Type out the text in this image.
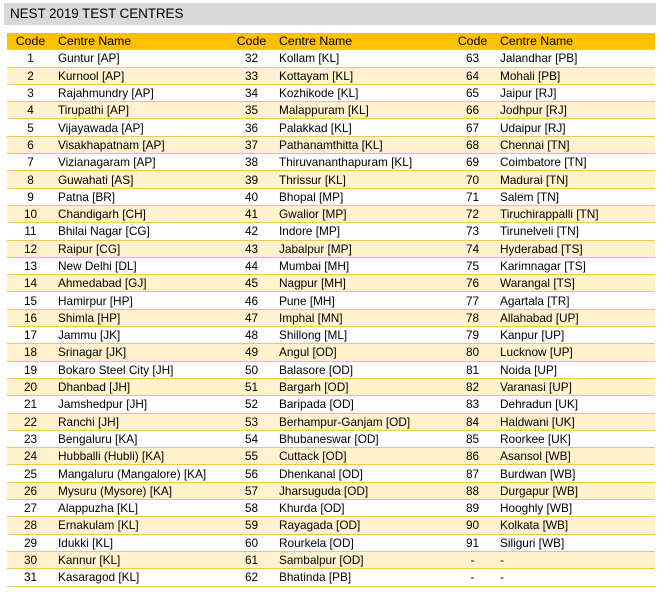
NEST 2019 TEST CENTRES
Code	Centre Name	Code	Centre Name	Code	Centre Name
1	Guntur [AP]	32	Kollam [KL]	63	Jalandhar [PB]
2	Kurnool [AP]	33	Kottayam [KL]	64	Mohali [PB]
3	Rajahmundry [AP]	34	Kozhikode [KL]	65	Jaipur [RJ]
4	Tirupathi [AP]	35	Malappuram [KL]	66	Jodhpur [RJ]
5	Vijayawada [AP]	36	Palakkad [KL]	67	Udaipur [RJ]
6	Visakhapatnam [AP]	37	Pathanamthitta [KL]	68	Chennai [TN]
7	Vizianagaram [AP]	38	Thiruvananthapuram [KL]	69	Coimbatore [TN]
8	Guwahati [AS]	39	Thrissur [KL]	70	Madurai [TN]
9	Patna [BR]	40	Bhopal [MP]	71	Salem [TN]
10	Chandigarh [CH]	41	Gwalior [MP]	72	Tiruchirappalli [TN]
11	Bhilai Nagar [CG]	42	Indore [MP]	73	Tirunelveli [TN]
12	Raipur [CG]	43	Jabalpur [MP]	74	Hyderabad [TS]
13	New Delhi [DL]	44	Mumbai [MH]	75	Karimnagar [TS]
14	Ahmedabad [GJ]	45	Nagpur [MH]	76	Warangal [TS]
15	Hamirpur [HP]	46	Pune [MH]	77	Agartala [TR]
16	Shimla [HP]	47	Imphal [MN]	78	Allahabad [UP]
17	Jammu [JK]	48	Shillong [ML]	79	Kanpur [UP]
18	Srinagar [JK]	49	Angul [OD]	80	Lucknow [UP]
19	Bokaro Steel City [JH]	50	Balasore [OD]	81	Noida [UP]
20	Dhanbad [JH]	51	Bargarh [OD]	82	Varanasi [UP]
21	Jamshedpur [JH]	52	Baripada [OD]	83	Dehradun [UK]
22	Ranchi [JH]	53	Berhampur-Ganjam [OD]	84	Haldwani [UK]
23	Bengaluru [KA]	54	Bhubaneswar [OD]	85	Roorkee [UK]
24	Hubballi (Hubli) [KA]	55	Cuttack [OD]	86	Asansol [WB]
25	Mangaluru (Mangalore) [KA]	56	Dhenkanal [OD]	87	Burdwan [WB]
26	Mysuru (Mysore) [KA]	57	Jharsuguda [OD]	88	Durgapur [WB]
27	Alappuzha [KL]	58	Khurda [OD]	89	Hooghly [WB]
28	Ernakulam [KL]	59	Rayagada [OD]	90	Kolkata [WB]
29	Idukki [KL]	60	Rourkela [OD]	91	Siliguri [WB]
30	Kannur [KL]	61	Sambalpur [OD]	-	-
31	Kasaragod [KL]	62	Bhatinda [PB]	-	-
